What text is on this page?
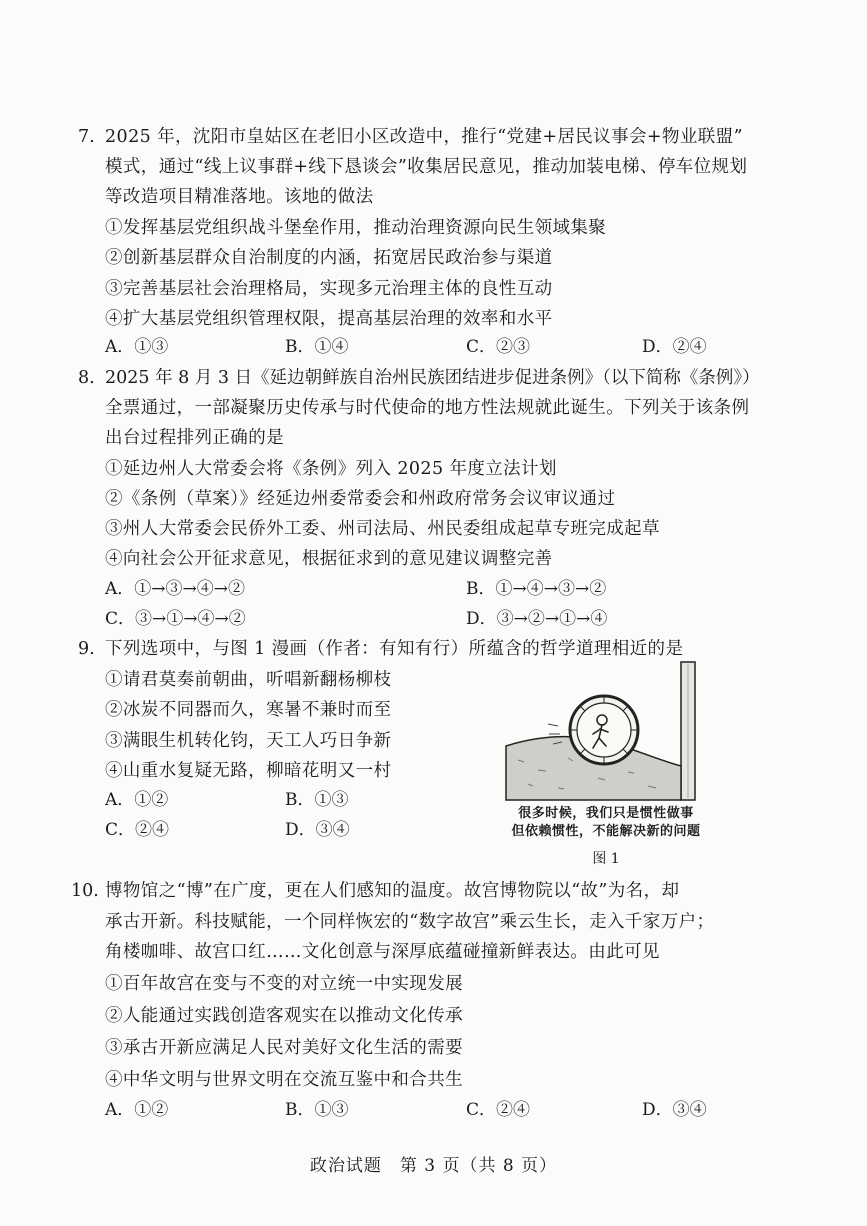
7. 2025 年，沈阳市皇姑区在老旧小区改造中，推行“党建+居民议事会+物业联盟”
模式，通过“线上议事群+线下恳谈会”收集居民意见，推动加装电梯、停车位规划
等改造项目精准落地。该地的做法
①发挥基层党组织战斗堡垒作用，推动治理资源向民生领域集聚
②创新基层群众自治制度的内涵，拓宽居民政治参与渠道
③完善基层社会治理格局，实现多元治理主体的良性互动
④扩大基层党组织管理权限，提高基层治理的效率和水平
A．①③	B．①④	C．②③	D．②④
8. 2025 年 8 月 3 日《延边朝鲜族自治州民族团结进步促进条例》（以下简称《条例》）
全票通过，一部凝聚历史传承与时代使命的地方性法规就此诞生。下列关于该条例
出台过程排列正确的是
①延边州人大常委会将《条例》列入 2025 年度立法计划
②《条例（草案）》经延边州委常委会和州政府常务会议审议通过
③州人大常委会民侨外工委、州司法局、州民委组成起草专班完成起草
④向社会公开征求意见，根据征求到的意见建议调整完善
A．①→③→④→②	B．①→④→③→②
C．③→①→④→②	D．③→②→①→④
9. 下列选项中，与图 1 漫画（作者：有知有行）所蕴含的哲学道理相近的是
①请君莫奏前朝曲，听唱新翻杨柳枝
②冰炭不同器而久，寒暑不兼时而至
③满眼生机转化钧，天工人巧日争新
④山重水复疑无路，柳暗花明又一村
A．①②	B．①③
C．②④	D．③④
很多时候，我们只是惯性做事
但依赖惯性，不能解决新的问题
图 1
10. 博物馆之“博”在广度，更在人们感知的温度。故宫博物院以“故”为名，却
承古开新。科技赋能，一个同样恢宏的“数字故宫”乘云生长，走入千家万户；
角楼咖啡、故宫口红……文化创意与深厚底蕴碰撞新鲜表达。由此可见
①百年故宫在变与不变的对立统一中实现发展
②人能通过实践创造客观实在以推动文化传承
③承古开新应满足人民对美好文化生活的需要
④中华文明与世界文明在交流互鉴中和合共生
A．①②	B．①③	C．②④	D．③④
政治试题　第 3 页（共 8 页）
